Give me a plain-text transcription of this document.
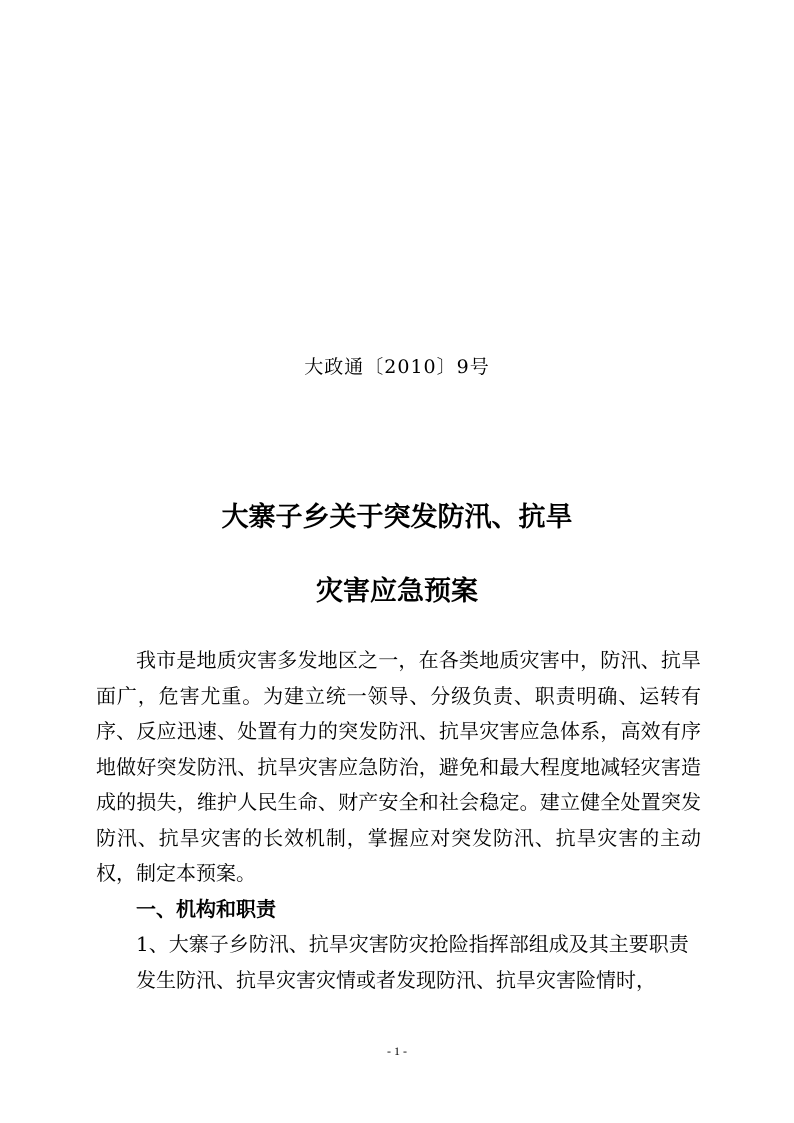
大政通〔2010〕9号
大寨子乡关于突发防汛、抗旱
灾害应急预案

我市是地质灾害多发地区之一，在各类地质灾害中，防汛、抗旱面广，危害尤重。为建立统一领导、分级负责、职责明确、运转有序、反应迅速、处置有力的突发防汛、抗旱灾害应急体系，高效有序地做好突发防汛、抗旱灾害应急防治，避免和最大程度地减轻灾害造成的损失，维护人民生命、财产安全和社会稳定。建立健全处置突发防汛、抗旱灾害的长效机制，掌握应对突发防汛、抗旱灾害的主动权，制定本预案。

一、机构和职责

1、大寨子乡防汛、抗旱灾害防灾抢险指挥部组成及其主要职责

发生防汛、抗旱灾害灾情或者发现防汛、抗旱灾害险情时，

- 1 -
